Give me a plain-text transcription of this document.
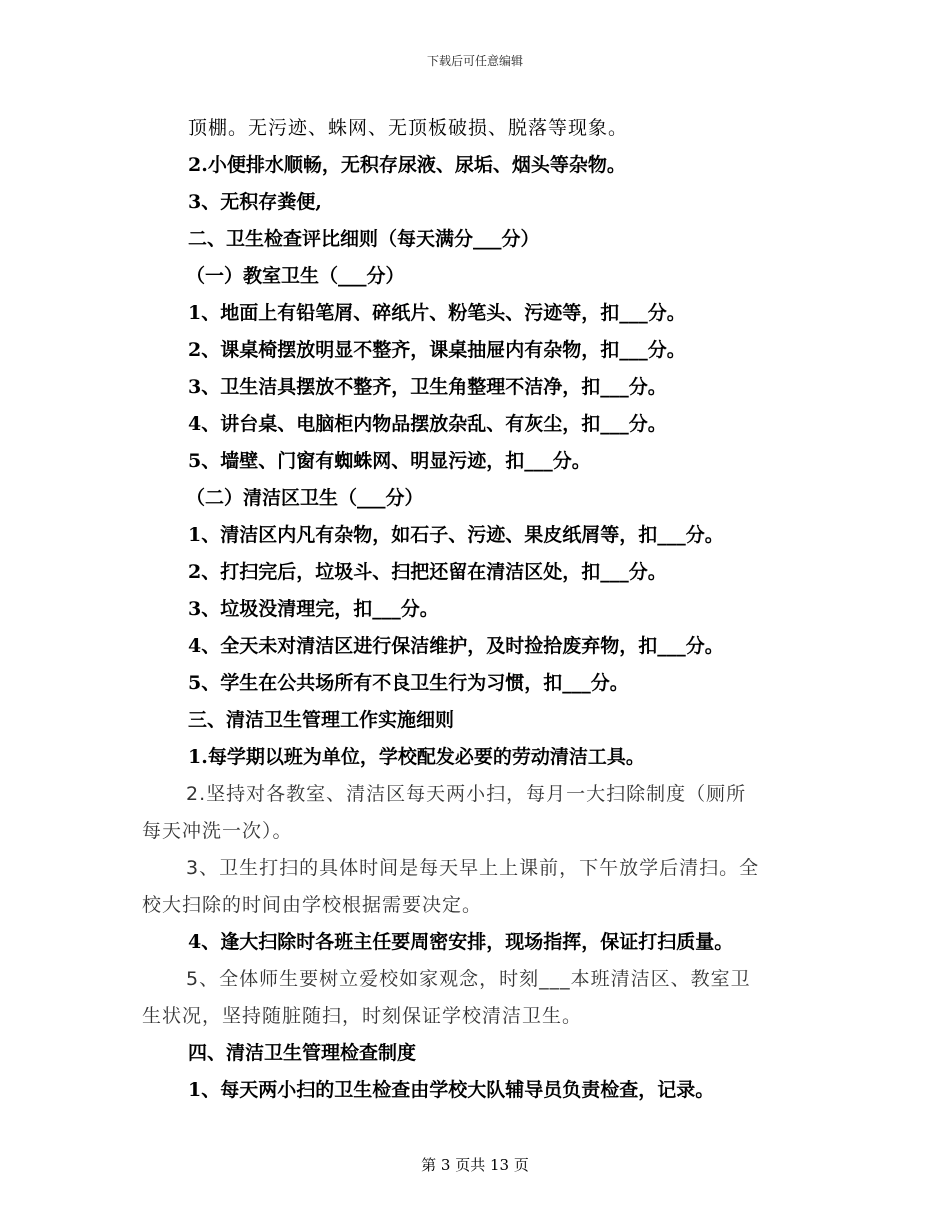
下载后可任意编辑
顶棚。无污迹、蛛网、无顶板破损、脱落等现象。
2.小便排水顺畅，无积存尿液、尿垢、烟头等杂物。
3、无积存粪便,
二、卫生检查评比细则（每天满分___分）
（一）教室卫生（___分）
1、地面上有铅笔屑、碎纸片、粉笔头、污迹等，扣___分。
2、课桌椅摆放明显不整齐，课桌抽屉内有杂物，扣___分。
3、卫生洁具摆放不整齐，卫生角整理不洁净，扣___分。
4、讲台桌、电脑柜内物品摆放杂乱、有灰尘，扣___分。
5、墙壁、门窗有蜘蛛网、明显污迹，扣___分。
（二）清洁区卫生（___分）
1、清洁区内凡有杂物，如石子、污迹、果皮纸屑等，扣___分。
2、打扫完后，垃圾斗、扫把还留在清洁区处，扣___分。
3、垃圾没清理完，扣___分。
4、全天未对清洁区进行保洁维护，及时捡拾废弃物，扣___分。
5、学生在公共场所有不良卫生行为习惯，扣___分。
三、清洁卫生管理工作实施细则
1.每学期以班为单位，学校配发必要的劳动清洁工具。
2.坚持对各教室、清洁区每天两小扫，每月一大扫除制度（厕所
每天冲洗一次）。
3、卫生打扫的具体时间是每天早上上课前，下午放学后清扫。全
校大扫除的时间由学校根据需要决定。
4、逢大扫除时各班主任要周密安排，现场指挥，保证打扫质量。
5、全体师生要树立爱校如家观念，时刻___本班清洁区、教室卫
生状况，坚持随脏随扫，时刻保证学校清洁卫生。
四、清洁卫生管理检查制度
1、每天两小扫的卫生检查由学校大队辅导员负责检查，记录。
第 3 页共 13 页
